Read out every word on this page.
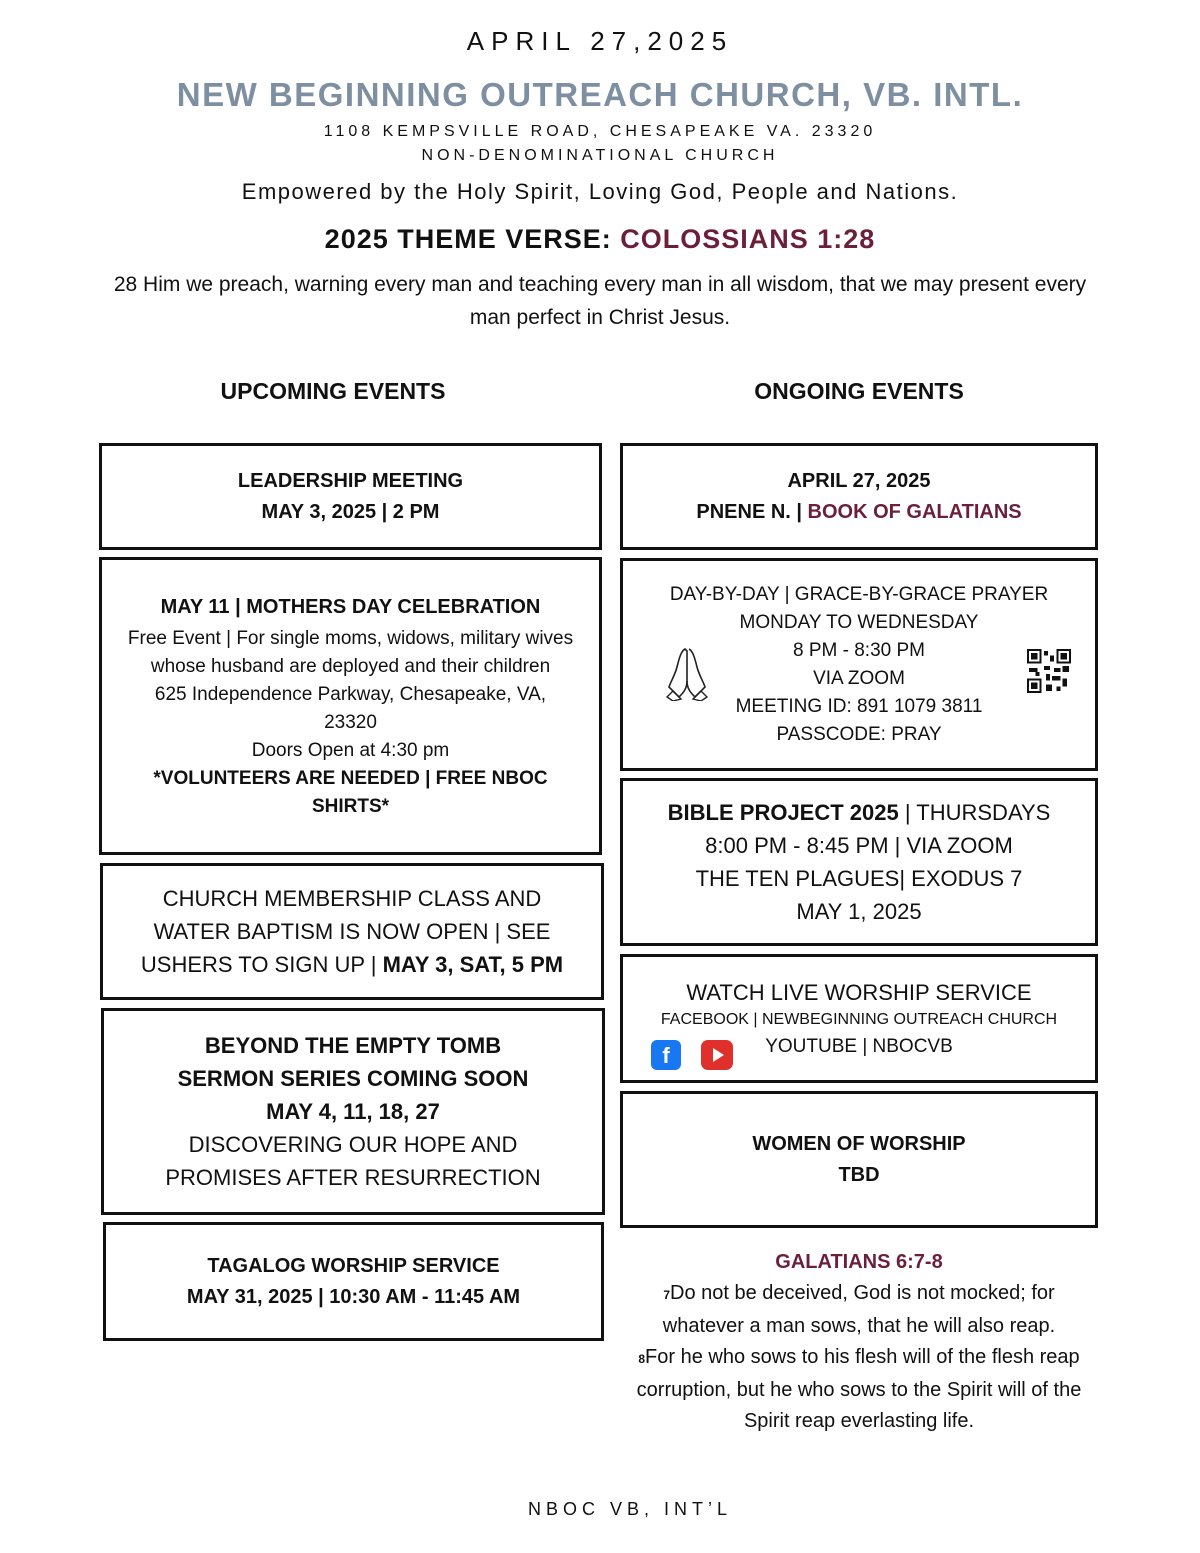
APRIL 27,2025
NEW BEGINNING OUTREACH CHURCH, VB. INTL.
1108 KEMPSVILLE ROAD, CHESAPEAKE VA. 23320
NON-DENOMINATIONAL CHURCH
Empowered by the Holy Spirit, Loving God, People and Nations.
2025 THEME VERSE: COLOSSIANS 1:28
28 Him we preach, warning every man and teaching every man in all wisdom, that we may present every man perfect in Christ Jesus.
UPCOMING EVENTS	ONGOING EVENTS
LEADERSHIP MEETING
MAY 3, 2025 | 2 PM
MAY 11 | MOTHERS DAY CELEBRATION
Free Event | For single moms, widows, military wives whose husband are deployed and their children
625 Independence Parkway, Chesapeake, VA, 23320
Doors Open at 4:30 pm
*VOLUNTEERS ARE NEEDED | FREE NBOC SHIRTS*
CHURCH MEMBERSHIP CLASS AND WATER BAPTISM IS NOW OPEN | SEE USHERS TO SIGN UP | MAY 3, SAT, 5 PM
BEYOND THE EMPTY TOMB
SERMON SERIES COMING SOON
MAY 4, 11, 18, 27
DISCOVERING OUR HOPE AND PROMISES AFTER RESURRECTION
TAGALOG WORSHIP SERVICE
MAY 31, 2025 | 10:30 AM - 11:45 AM
APRIL 27, 2025
PNENE N. | BOOK OF GALATIANS
DAY-BY-DAY | GRACE-BY-GRACE PRAYER
MONDAY TO WEDNESDAY
8 PM - 8:30 PM
VIA ZOOM
MEETING ID: 891 1079 3811
PASSCODE: PRAY
BIBLE PROJECT 2025 | THURSDAYS
8:00 PM - 8:45 PM | VIA ZOOM
THE TEN PLAGUES| EXODUS 7
MAY 1, 2025
WATCH LIVE WORSHIP SERVICE
FACEBOOK | NEWBEGINNING OUTREACH CHURCH
YOUTUBE | NBOCVB
f
WOMEN OF WORSHIP
TBD
GALATIANS 6:7-8
7Do not be deceived, God is not mocked; for whatever a man sows, that he will also reap.
8For he who sows to his flesh will of the flesh reap corruption, but he who sows to the Spirit will of the Spirit reap everlasting life.
NBOC VB, INT’L
